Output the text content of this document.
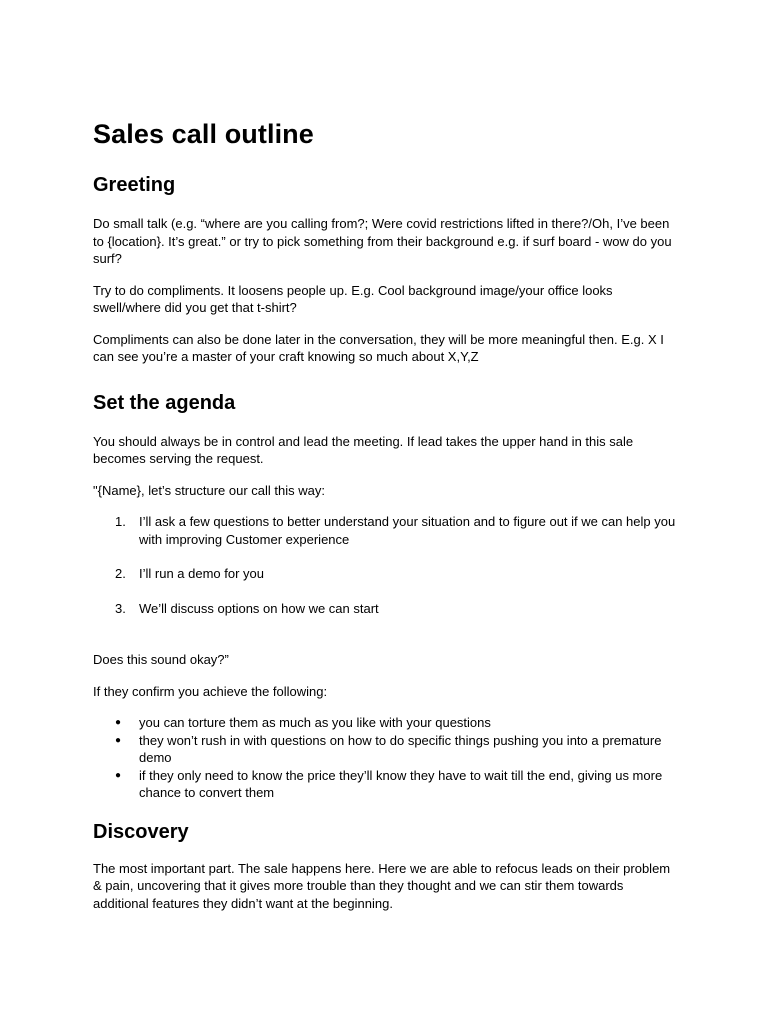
Sales call outline
Greeting

Do small talk (e.g. “where are you calling from?; Were covid restrictions lifted in there?/Oh, I’ve been to {location}. It’s great.” or try to pick something from their background e.g. if surf board - wow do you surf?

Try to do compliments. It loosens people up. E.g. Cool background image/your office looks swell/where did you get that t-shirt?

Compliments can also be done later in the conversation, they will be more meaningful then. E.g. X I can see you’re a master of your craft knowing so much about X,Y,Z

Set the agenda

You should always be in control and lead the meeting. If lead takes the upper hand in this sale becomes serving the request.

"{Name}, let’s structure our call this way:

1. I’ll ask a few questions to better understand your situation and to figure out if we can help you with improving Customer experience
2. I’ll run a demo for you
3. We’ll discuss options on how we can start

Does this sound okay?”

If they confirm you achieve the following:

● you can torture them as much as you like with your questions
● they won’t rush in with questions on how to do specific things pushing you into a premature demo
● if they only need to know the price they’ll know they have to wait till the end, giving us more chance to convert them
Discovery

The most important part. The sale happens here. Here we are able to refocus leads on their problem & pain, uncovering that it gives more trouble than they thought and we can stir them towards additional features they didn’t want at the beginning.
